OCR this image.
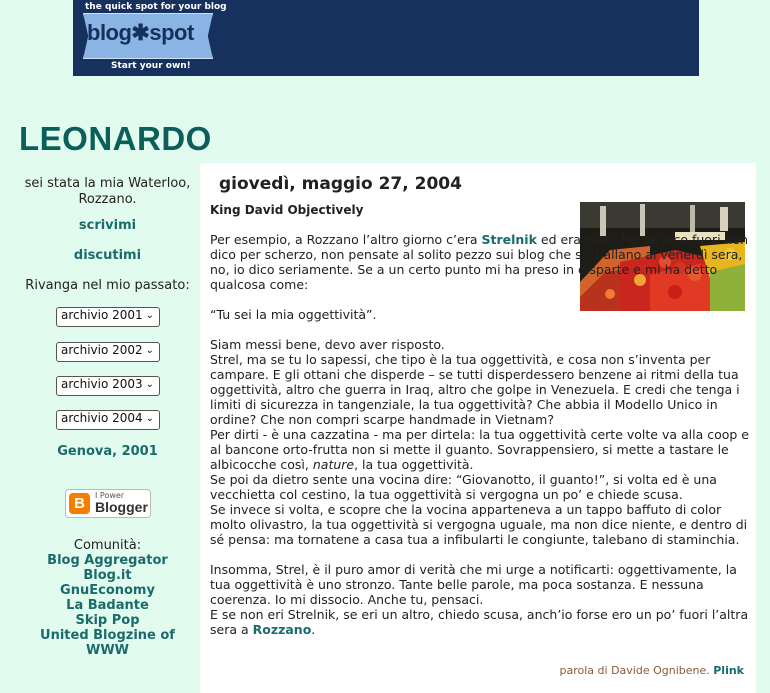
the quick spot for your blog
blog✱spot
Start your own!
LEONARDO
sei stata la mia Waterloo, Rozzano.
scrivimi
discutimi
Rivanga nel mio passato:
archivio 2001 ⌄
archivio 2002 ⌄
archivio 2003 ⌄
archivio 2004 ⌄
Genova, 2001
B	I Power
Blogger
Comunità:
Blog Aggregator
Blog.it
GnuEconomy
La Badante
Skip Pop
United Blogzine of
WWW
giovedì, maggio 27, 2004
King David Objectively

Per esempio, a Rozzano l’altro giorno c’era Strelnik ed era fuori. Ma se dico fuori non dico per scherzo, non pensate al solito pezzo sui blog che si sballano al venerdì sera, no, io dico seriamente. Se a un certo punto mi ha preso in disparte e mi ha detto qualcosa come:

“Tu sei la mia oggettività”.

Siam messi bene, devo aver risposto.

Strel, ma se tu lo sapessi, che tipo è la tua oggettività, e cosa non s’inventa per campare. E gli ottani che disperde – se tutti disperdessero benzene ai ritmi della tua oggettività, altro che guerra in Iraq, altro che golpe in Venezuela. E credi che tenga i limiti di sicurezza in tangenziale, la tua oggettività? Che abbia il Modello Unico in ordine? Che non compri scarpe handmade in Vietnam?

Per dirti - è una cazzatina - ma per dirtela: la tua oggettività certe volte va alla coop e al bancone orto-frutta non si mette il guanto. Sovrappensiero, si mette a tastare le albicocche così, nature, la tua oggettività.

Se poi da dietro sente una vocina dire: “Giovanotto, il guanto!”, si volta ed è una vecchietta col cestino, la tua oggettività si vergogna un po’ e chiede scusa.

Se invece si volta, e scopre che la vocina apparteneva a un tappo baffuto di color molto olivastro, la tua oggettività si vergogna uguale, ma non dice niente, e dentro di sé pensa: ma tornatene a casa tua a infibularti le congiunte, talebano di staminchia.

Insomma, Strel, è il puro amor di verità che mi urge a notificarti: oggettivamente, la tua oggettività è uno stronzo. Tante belle parole, ma poca sostanza. E nessuna coerenza. Io mi dissocio. Anche tu, pensaci.

E se non eri Strelnik, se eri un altro, chiedo scusa, anch’io forse ero un po’ fuori l’altra sera a Rozzano.

parola di Davide Ognibene. Plink
